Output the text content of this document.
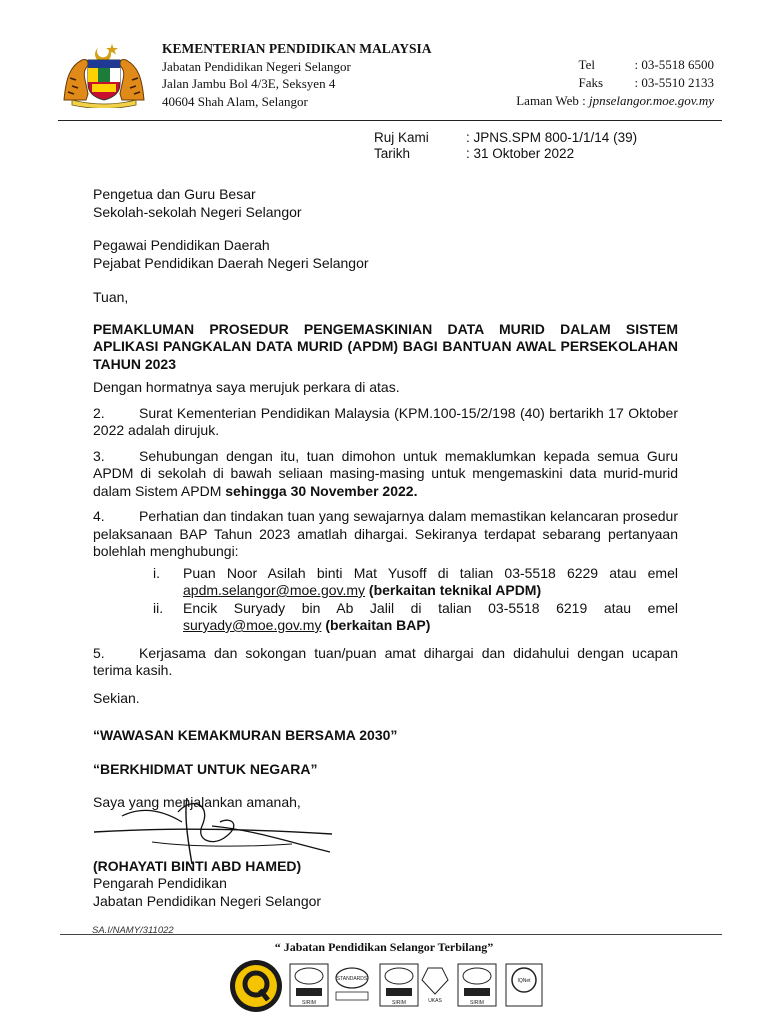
KEMENTERIAN PENDIDIKAN MALAYSIA
Jabatan Pendidikan Negeri Selangor
Jalan Jambu Bol 4/3E, Seksyen 4
40604 Shah Alam, Selangor
Tel	: 03-5518 6500
Faks : 03-5510 2133
Laman Web : jpnselangor.moe.gov.my
Ruj Kami	: JPNS.SPM 800-1/1/14 (39)
Tarikh	: 31 Oktober 2022
Pengetua dan Guru Besar
Sekolah-sekolah Negeri Selangor
Pegawai Pendidikan Daerah
Pejabat Pendidikan Daerah Negeri Selangor
Tuan,
PEMAKLUMAN PROSEDUR PENGEMASKINIAN DATA MURID DALAM SISTEM APLIKASI PANGKALAN DATA MURID (APDM) BAGI BANTUAN AWAL PERSEKOLAHAN TAHUN 2023
Dengan hormatnya saya merujuk perkara di atas.
2. Surat Kementerian Pendidikan Malaysia (KPM.100-15/2/198 (40) bertarikh 17 Oktober 2022 adalah dirujuk.
3. Sehubungan dengan itu, tuan dimohon untuk memaklumkan kepada semua Guru APDM di sekolah di bawah seliaan masing-masing untuk mengemaskini data murid-murid dalam Sistem APDM sehingga 30 November 2022.
4. Perhatian dan tindakan tuan yang sewajarnya dalam memastikan kelancaran prosedur pelaksanaan BAP Tahun 2023 amatlah dihargai. Sekiranya terdapat sebarang pertanyaan bolehlah menghubungi:
i.	Puan Noor Asilah binti Mat Yusoff di talian 03-5518 6229 atau emel apdm.selangor@moe.gov.my (berkaitan teknikal APDM)
ii.	Encik Suryady bin Ab Jalil di talian 03-5518 6219 atau emel suryady@moe.gov.my (berkaitan BAP)
5. Kerjasama dan sokongan tuan/puan amat dihargai dan didahului dengan ucapan terima kasih.
Sekian.
“WAWASAN KEMAKMURAN BERSAMA 2030”
“BERKHIDMAT UNTUK NEGARA”
Saya yang menjalankan amanah,
(ROHAYATI BINTI ABD HAMED)
Pengarah Pendidikan
Jabatan Pendidikan Negeri Selangor
SA.I/NAMY/311022
“ Jabatan Pendidikan Selangor Terbilang”
SIRIM
STANDARDS
SIRIM	UKAS	SIRIM
IQNet
